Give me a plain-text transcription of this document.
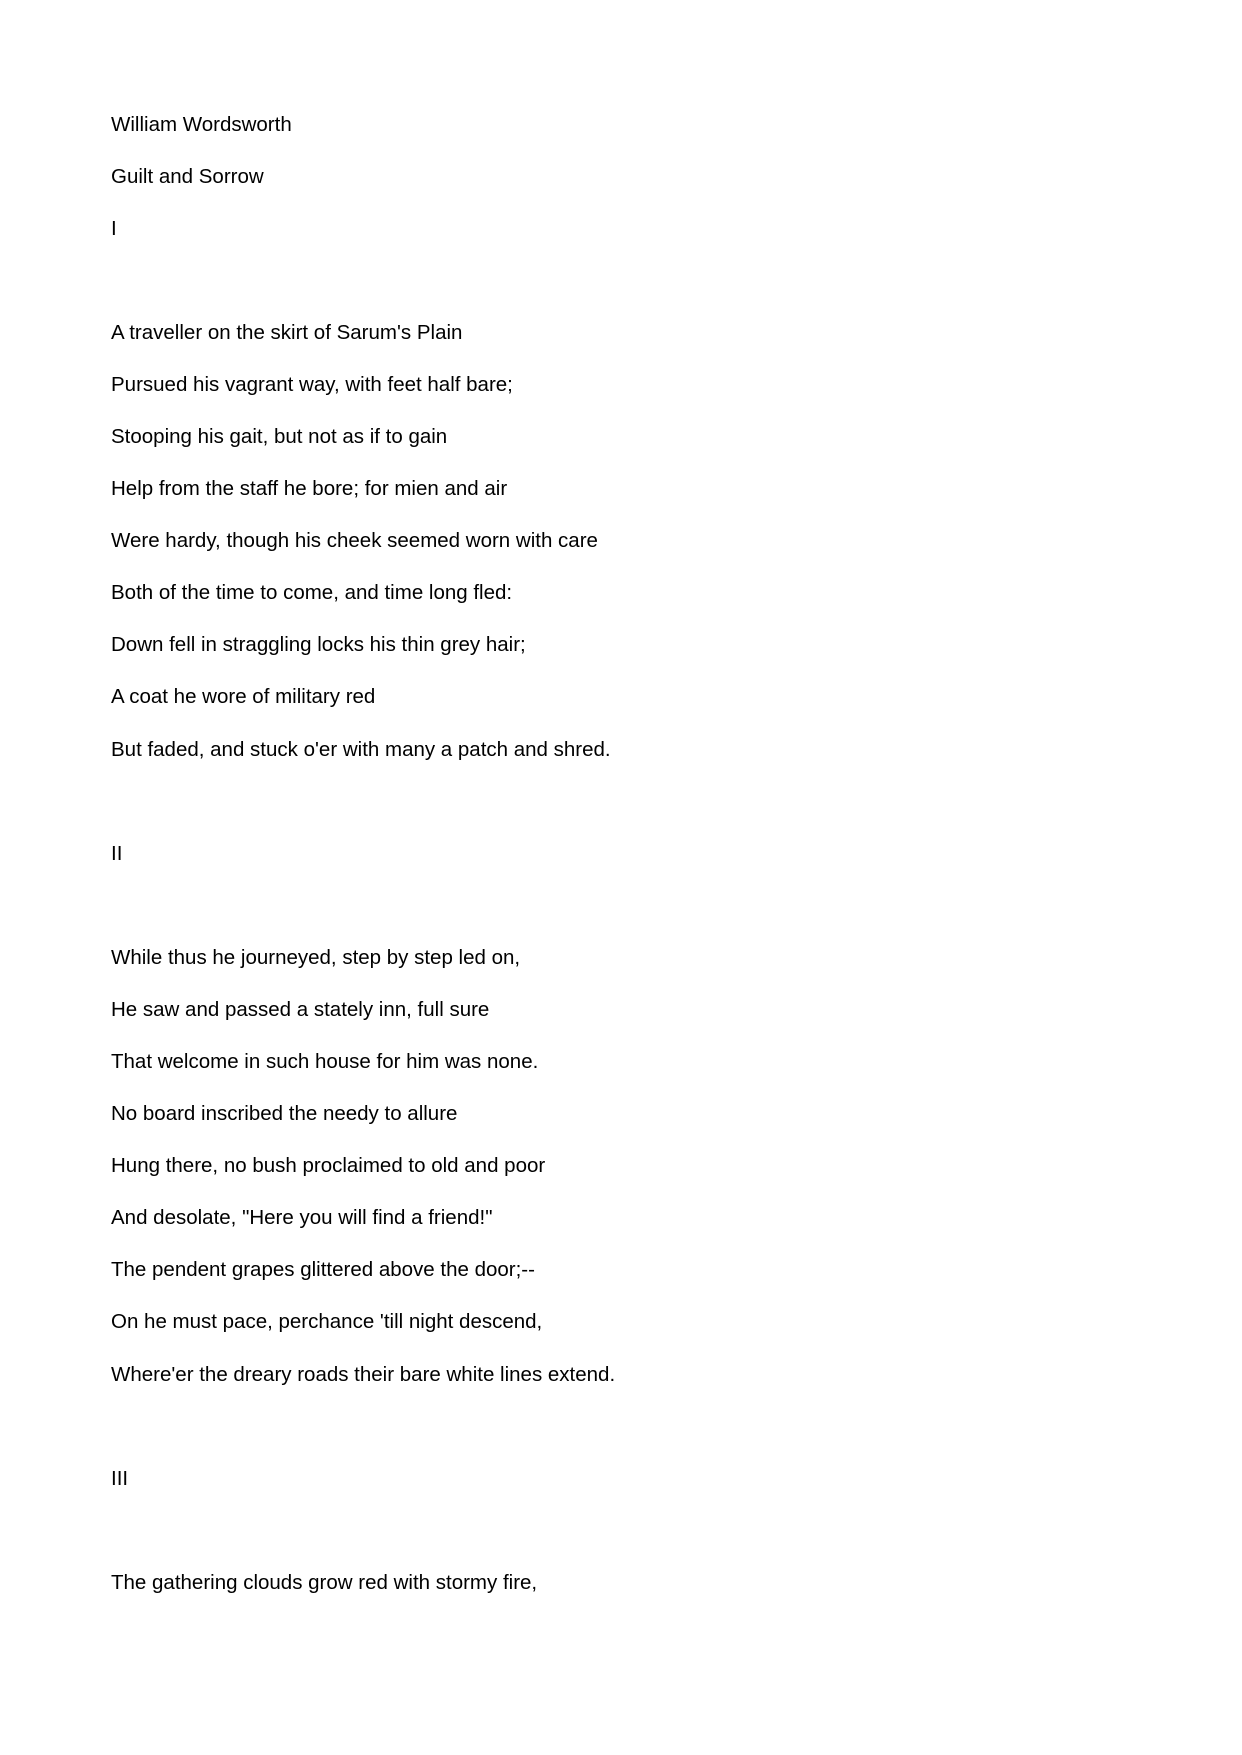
William Wordsworth
Guilt and Sorrow
I
A traveller on the skirt of Sarum's Plain
Pursued his vagrant way, with feet half bare;
Stooping his gait, but not as if to gain
Help from the staff he bore; for mien and air
Were hardy, though his cheek seemed worn with care
Both of the time to come, and time long fled:
Down fell in straggling locks his thin grey hair;
A coat he wore of military red
But faded, and stuck o'er with many a patch and shred.
II
While thus he journeyed, step by step led on,
He saw and passed a stately inn, full sure
That welcome in such house for him was none.
No board inscribed the needy to allure
Hung there, no bush proclaimed to old and poor
And desolate, "Here you will find a friend!"
The pendent grapes glittered above the door;--
On he must pace, perchance 'till night descend,
Where'er the dreary roads their bare white lines extend.
III
The gathering clouds grow red with stormy fire,
